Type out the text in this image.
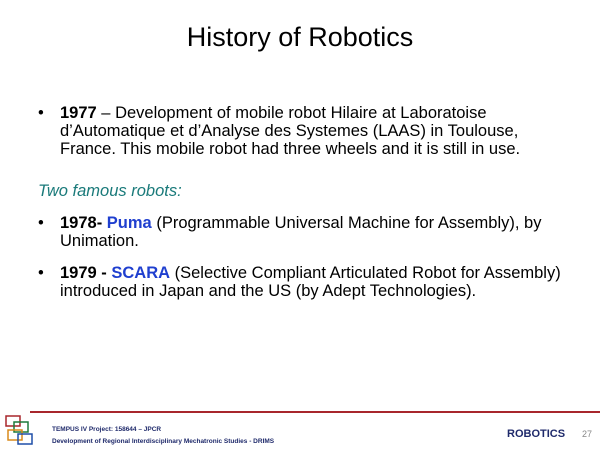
History of Robotics
• 1977 – Development of mobile robot Hilaire at Laboratoise d’Automatique et d’Analyse des Systemes (LAAS) in Toulouse, France. This mobile robot had three wheels and it is still in use.
Two famous robots:
• 1978- Puma (Programmable Universal Machine for Assembly), by Unimation.
• 1979 - SCARA (Selective Compliant Articulated Robot for Assembly) introduced in Japan and the US (by Adept Technologies).
TEMPUS IV Project: 158644 – JPCR
Development of Regional Interdisciplinary Mechatronic Studies - DRIMS
ROBOTICS 27
